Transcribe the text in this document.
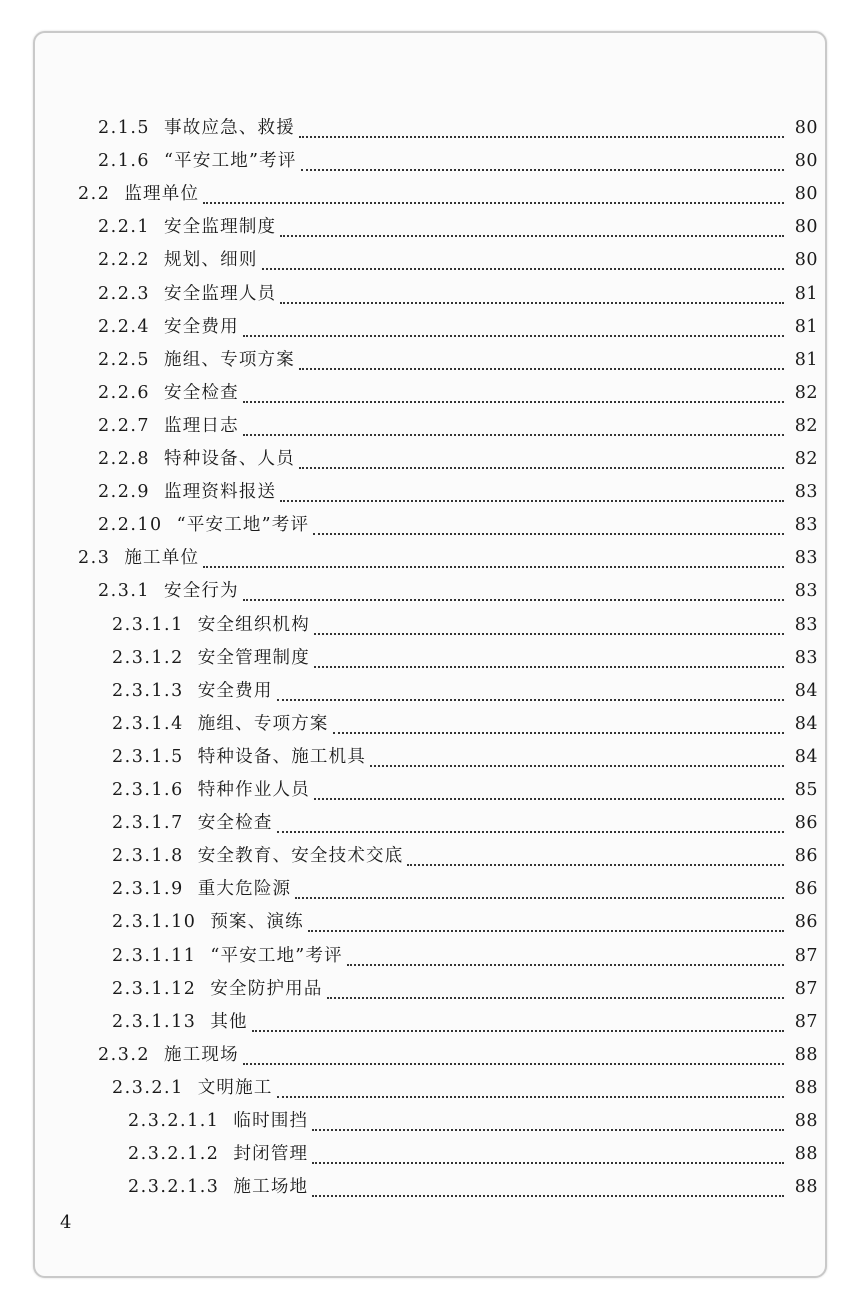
2.1.5 事故应急、救援	80
2.1.6 “平安工地”考评	80
2.2 监理单位	80
2.2.1 安全监理制度	80
2.2.2 规划、细则	80
2.2.3 安全监理人员	81
2.2.4 安全费用	81
2.2.5 施组、专项方案	81
2.2.6 安全检查	82
2.2.7 监理日志	82
2.2.8 特种设备、人员	82
2.2.9 监理资料报送	83
2.2.10 “平安工地”考评	83
2.3 施工单位	83
2.3.1 安全行为	83
2.3.1.1 安全组织机构	83
2.3.1.2 安全管理制度	83
2.3.1.3 安全费用	84
2.3.1.4 施组、专项方案	84
2.3.1.5 特种设备、施工机具	84
2.3.1.6 特种作业人员	85
2.3.1.7 安全检查	86
2.3.1.8 安全教育、安全技术交底	86
2.3.1.9 重大危险源	86
2.3.1.10 预案、演练	86
2.3.1.11 “平安工地”考评	87
2.3.1.12 安全防护用品	87
2.3.1.13 其他	87
2.3.2 施工现场	88
2.3.2.1 文明施工	88
2.3.2.1.1 临时围挡	88
2.3.2.1.2 封闭管理	88
2.3.2.1.3 施工场地	88
4
